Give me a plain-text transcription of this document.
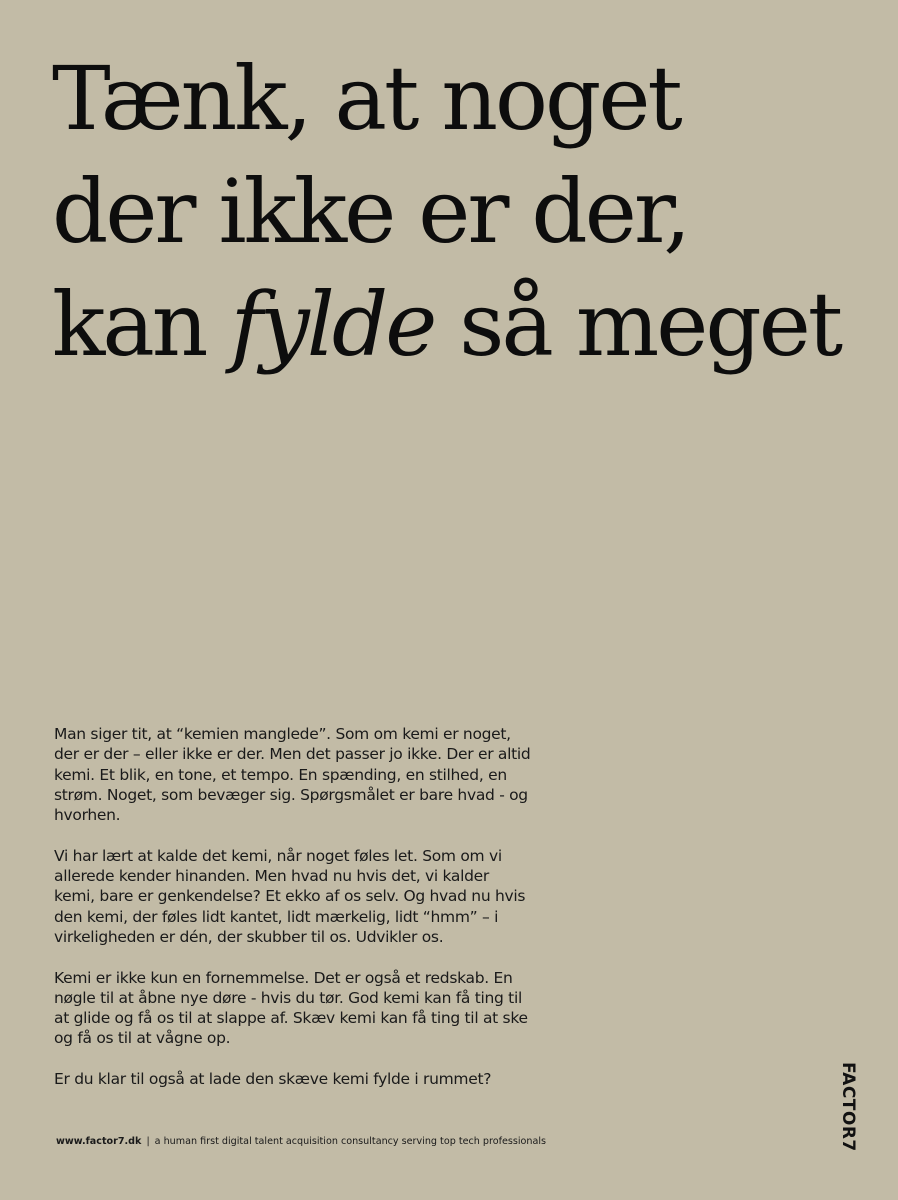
Tænk, at noget
der ikke er der,
kan fylde så meget

Man siger tit, at “kemien manglede”. Som om kemi er noget, der er der – eller ikke er der. Men det passer jo ikke. Der er altid kemi. Et blik, en tone, et tempo. En spænding, en stilhed, en strøm. Noget, som bevæger sig. Spørgsmålet er bare hvad - og hvorhen.

Vi har lært at kalde det kemi, når noget føles let. Som om vi allerede kender hinanden. Men hvad nu hvis det, vi kalder kemi, bare er genkendelse? Et ekko af os selv. Og hvad nu hvis den kemi, der føles lidt kantet, lidt mærkelig, lidt “hmm” – i virkeligheden er dén, der skubber til os. Udvikler os.

Kemi er ikke kun en fornemmelse. Det er også et redskab. En nøgle til at åbne nye døre - hvis du tør. God kemi kan få ting til at glide og få os til at slappe af. Skæv kemi kan få ting til at ske og få os til at vågne op.

Er du klar til også at lade den skæve kemi fylde i rummet?

www.factor7.dk | a human first digital talent acquisition consultancy serving top tech professionals	FACTOR7
